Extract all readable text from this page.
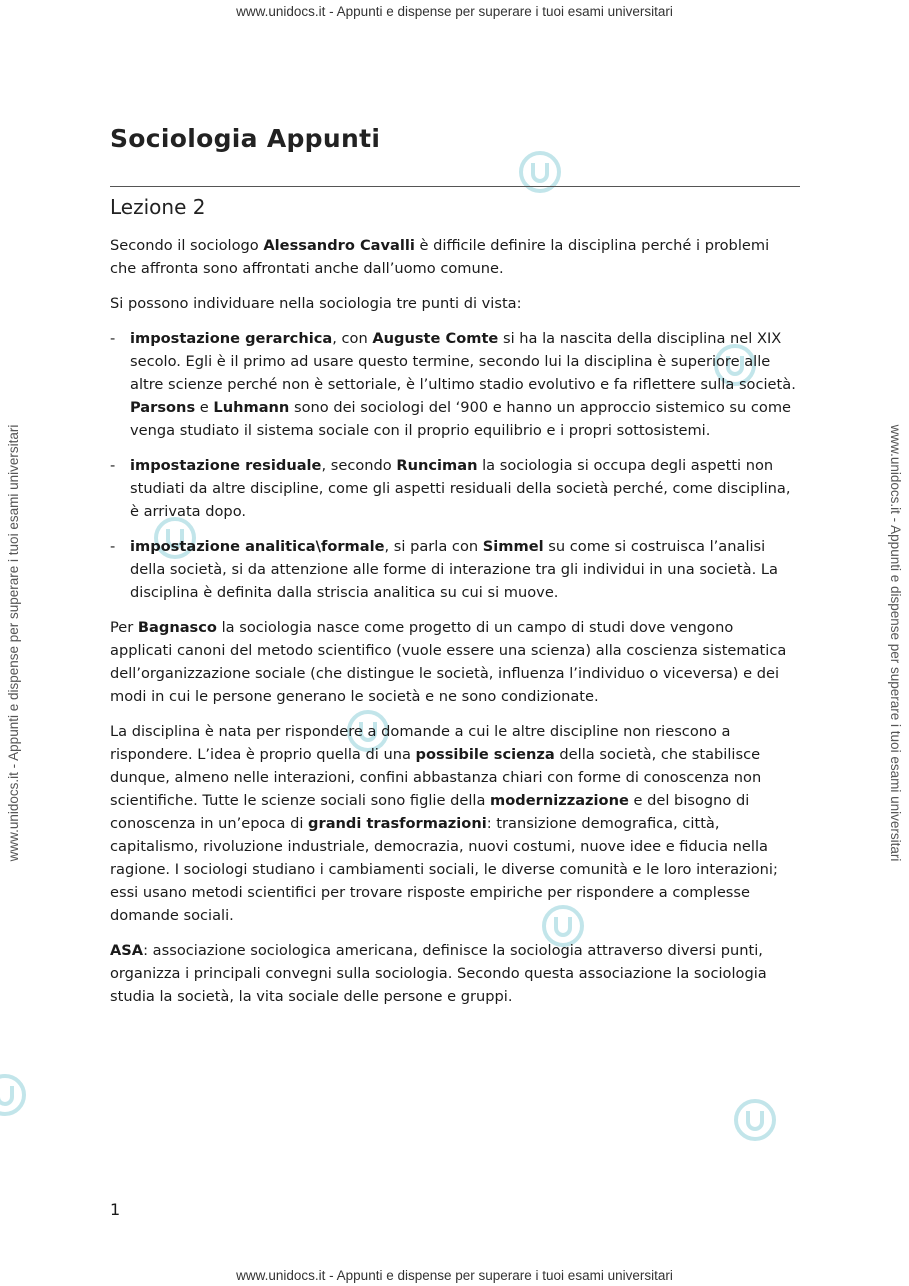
www.unidocs.it - Appunti e dispense per superare i tuoi esami universitari
www.unidocs.it - Appunti e dispense per superare i tuoi esami universitari
www.unidocs.it - Appunti e dispense per superare i tuoi esami universitari	www.unidocs.it - Appunti e dispense per superare i tuoi esami universitari
Sociologia Appunti
Lezione 2

Secondo il sociologo Alessandro Cavalli è difficile definire la disciplina perché i problemi che affronta sono affrontati anche dall’uomo comune.

Si possono individuare nella sociologia tre punti di vista:

- impostazione gerarchica, con Auguste Comte si ha la nascita della disciplina nel XIX secolo. Egli è il primo ad usare questo termine, secondo lui la disciplina è superiore alle altre scienze perché non è settoriale, è l’ultimo stadio evolutivo e fa riflettere sulla società. Parsons e Luhmann sono dei sociologi del ‘900 e hanno un approccio sistemico su come venga studiato il sistema sociale con il proprio equilibrio e i propri sottosistemi.
- impostazione residuale, secondo Runciman la sociologia si occupa degli aspetti non studiati da altre discipline, come gli aspetti residuali della società perché, come disciplina, è arrivata dopo.
- impostazione analitica\formale, si parla con Simmel su come si costruisca l’analisi della società, si da attenzione alle forme di interazione tra gli individui in una società. La disciplina è definita dalla striscia analitica su cui si muove.

Per Bagnasco la sociologia nasce come progetto di un campo di studi dove vengono applicati canoni del metodo scientifico (vuole essere una scienza) alla coscienza sistematica dell’organizzazione sociale (che distingue le società, influenza l’individuo o viceversa) e dei modi in cui le persone generano le società e ne sono condizionate.

La disciplina è nata per rispondere a domande a cui le altre discipline non riescono a rispondere. L’idea è proprio quella di una possibile scienza della società, che stabilisce dunque, almeno nelle interazioni, confini abbastanza chiari con forme di conoscenza non scientifiche. Tutte le scienze sociali sono figlie della modernizzazione e del bisogno di conoscenza in un’epoca di grandi trasformazioni: transizione demografica, città, capitalismo, rivoluzione industriale, democrazia, nuovi costumi, nuove idee e fiducia nella ragione. I sociologi studiano i cambiamenti sociali, le diverse comunità e le loro interazioni; essi usano metodi scientifici per trovare risposte empiriche per rispondere a complesse domande sociali.

ASA: associazione sociologica americana, definisce la sociologia attraverso diversi punti, organizza i principali convegni sulla sociologia. Secondo questa associazione la sociologia studia la società, la vita sociale delle persone e gruppi.

1
